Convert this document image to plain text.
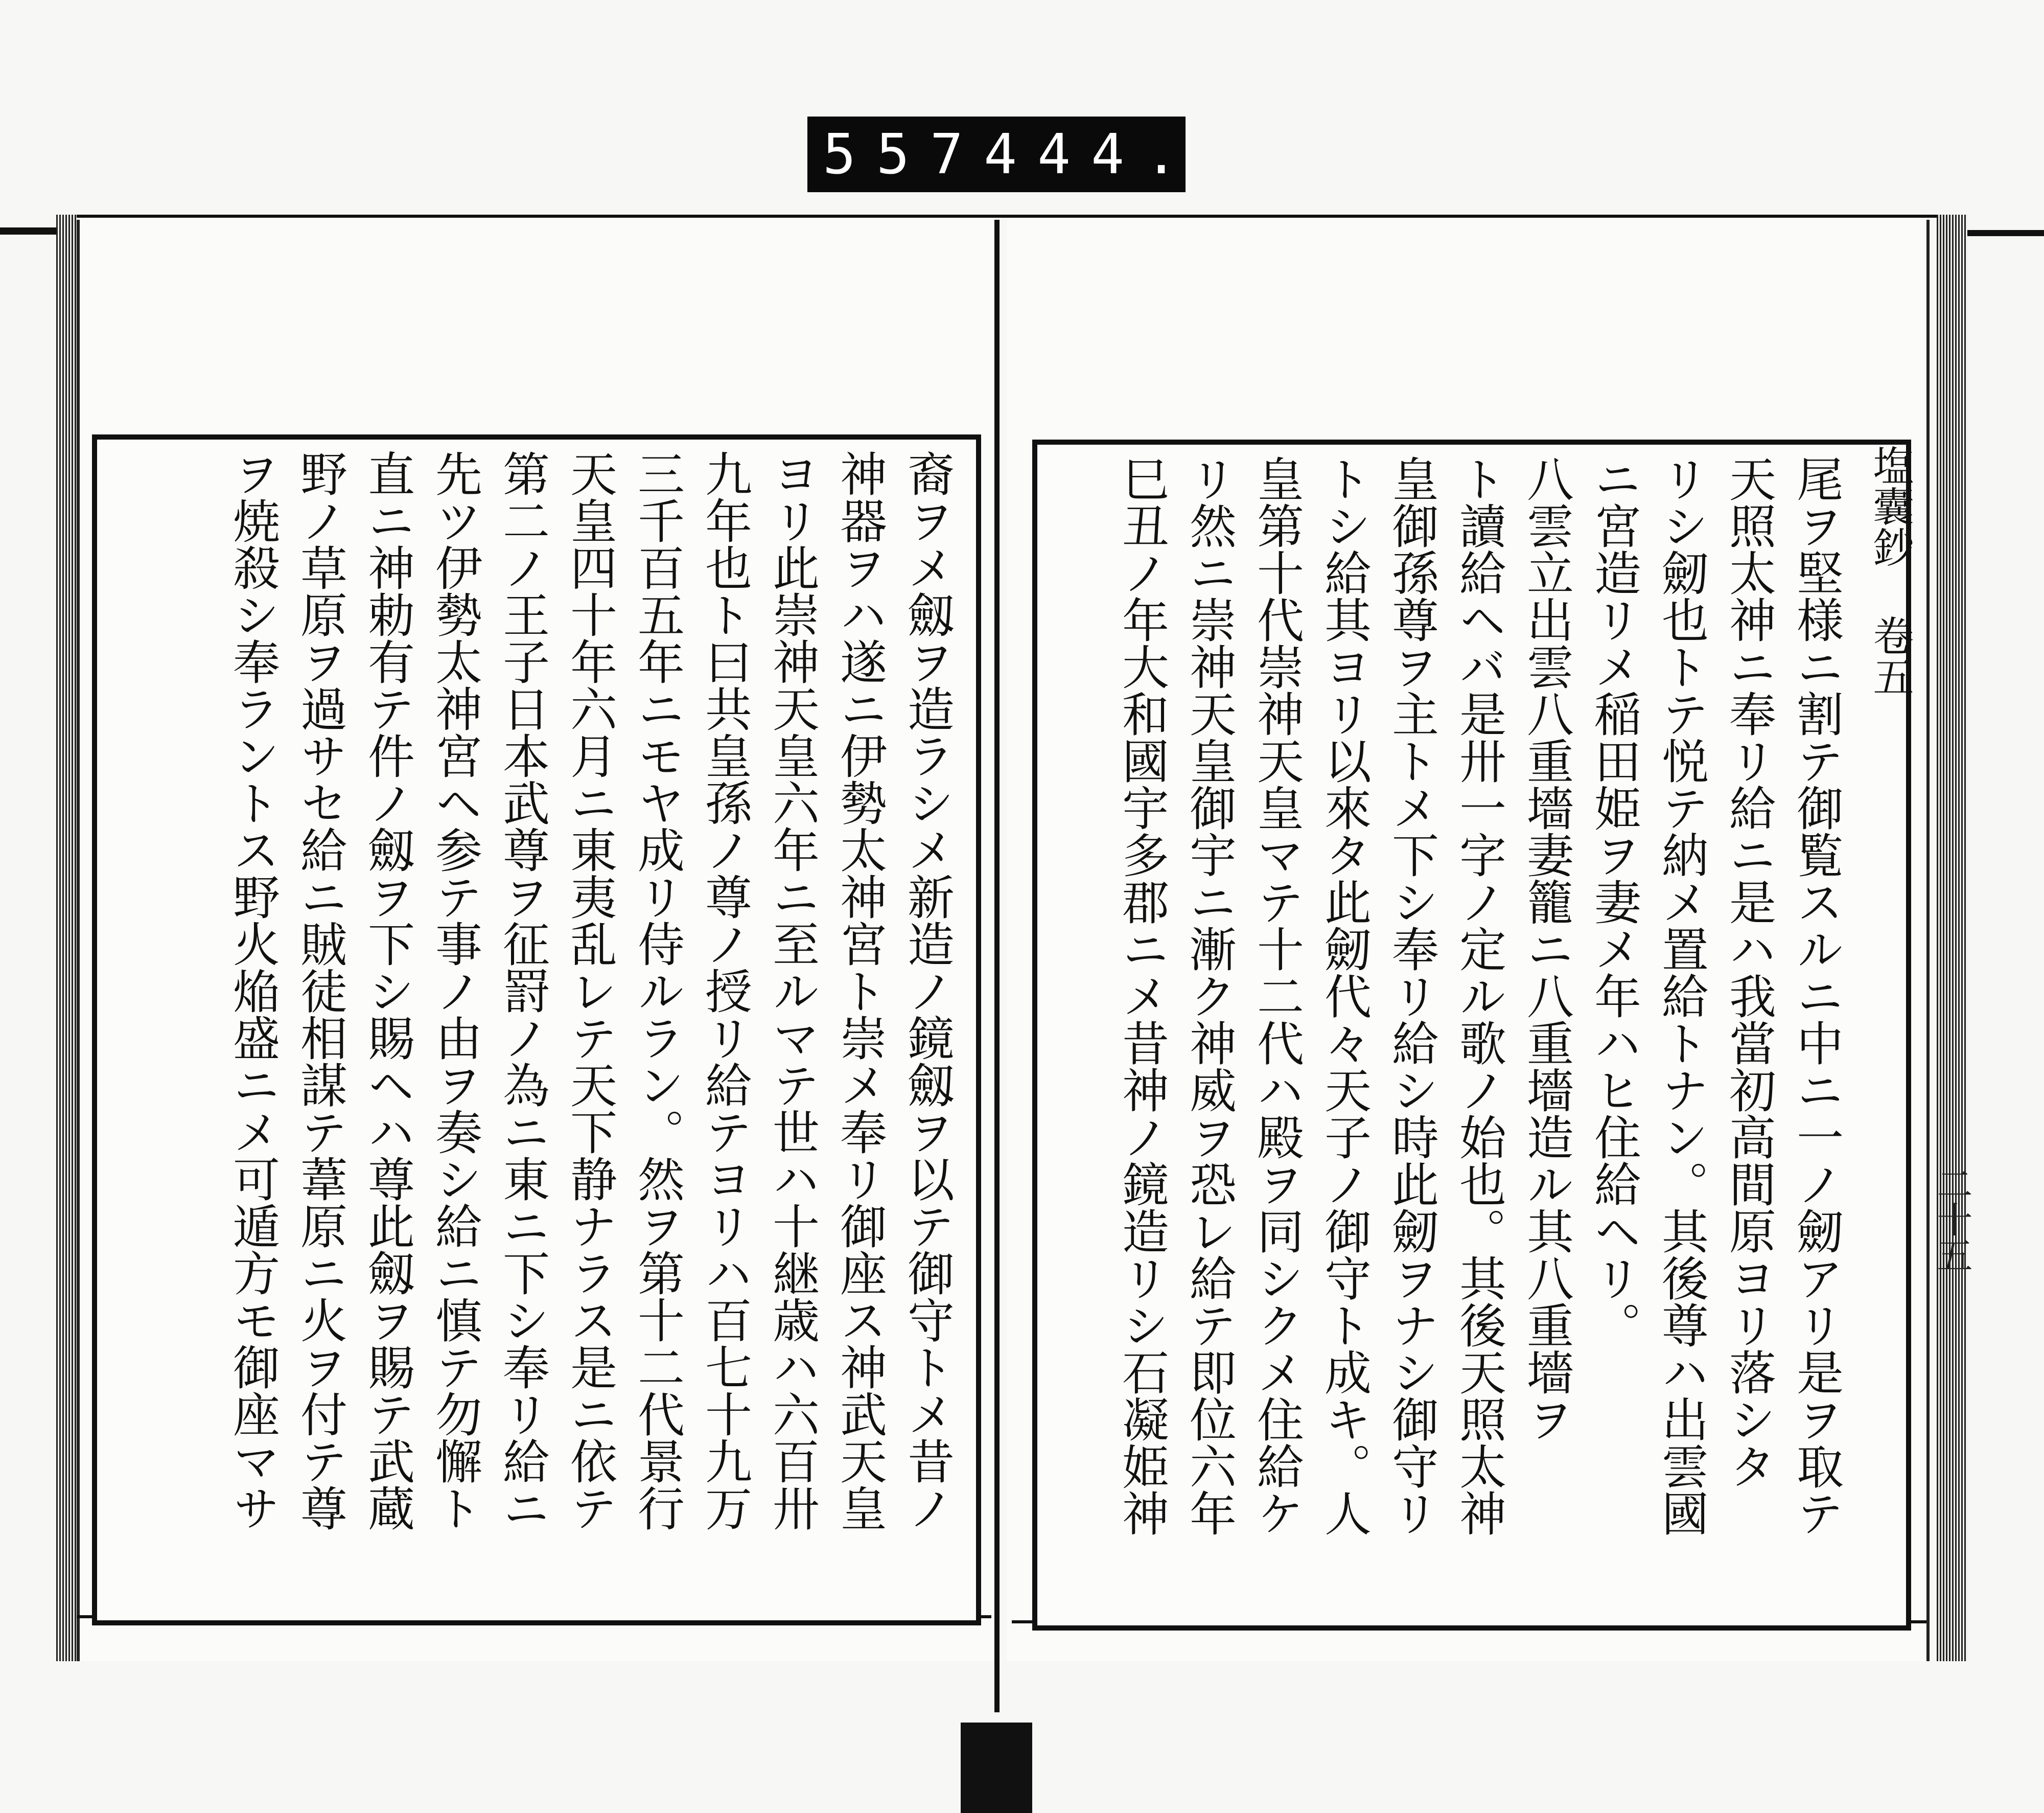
557 444.
裔ヲメ劔ヲ造ラシメ新造ノ鏡劔ヲ以テ御守トメ昔ノ
神器ヲハ遂ニ伊勢太神宮ト崇メ奉リ御座ス神武天皇
ヨリ此崇神天皇六年ニ至ルマテ世ハ十継歳ハ六百卅
九年也ト曰共皇孫ノ尊ノ授リ給テヨリハ百七十九万
三千百五年ニモヤ成リ侍ルラン。然ヲ第十二代景行
天皇四十年六月ニ東夷乱レテ天下静ナラス是ニ依テ
第二ノ王子日本武尊ヲ征罸ノ為ニ東ニ下シ奉リ給ニ
先ツ伊勢太神宮ヘ参テ事ノ由ヲ奏シ給ニ慎テ勿懈ト
直ニ神勅有テ件ノ劔ヲ下シ賜ヘハ尊此劔ヲ賜テ武蔵
野ノ草原ヲ過サセ給ニ賊徒相謀テ葦原ニ火ヲ付テ尊
ヲ焼殺シ奉ラントス野火焔盛ニメ可遁方モ御座マサ	尾ヲ堅様ニ割テ御覧スルニ中ニ一ノ劒アリ是ヲ取テ
天照太神ニ奉リ給ニ是ハ我當初高間原ヨリ落シタ
リシ劒也トテ悦テ納メ置給トナン。其後尊ハ出雲國
ニ宮造リメ稲田姫ヲ妻メ年ハヒ住給ヘリ。
八雲立出雲八重墻妻籠ニ八重墻造ル其八重墻ヲ
ト讀給ヘバ是卅一字ノ定ル歌ノ始也。其後天照太神
皇御孫尊ヲ主トメ下シ奉リ給シ時此劒ヲナシ御守リ
トシ給其ヨリ以來タ此劒代々天子ノ御守ト成キ。人
皇第十代崇神天皇マテ十二代ハ殿ヲ同シクメ住給ケ
リ然ニ崇神天皇御宇ニ漸ク神威ヲ恐レ給テ即位六年
巳丑ノ年大和國宇多郡ニメ昔神ノ鏡造リシ石凝姫神	塩囊鈔 卷五
二十五
